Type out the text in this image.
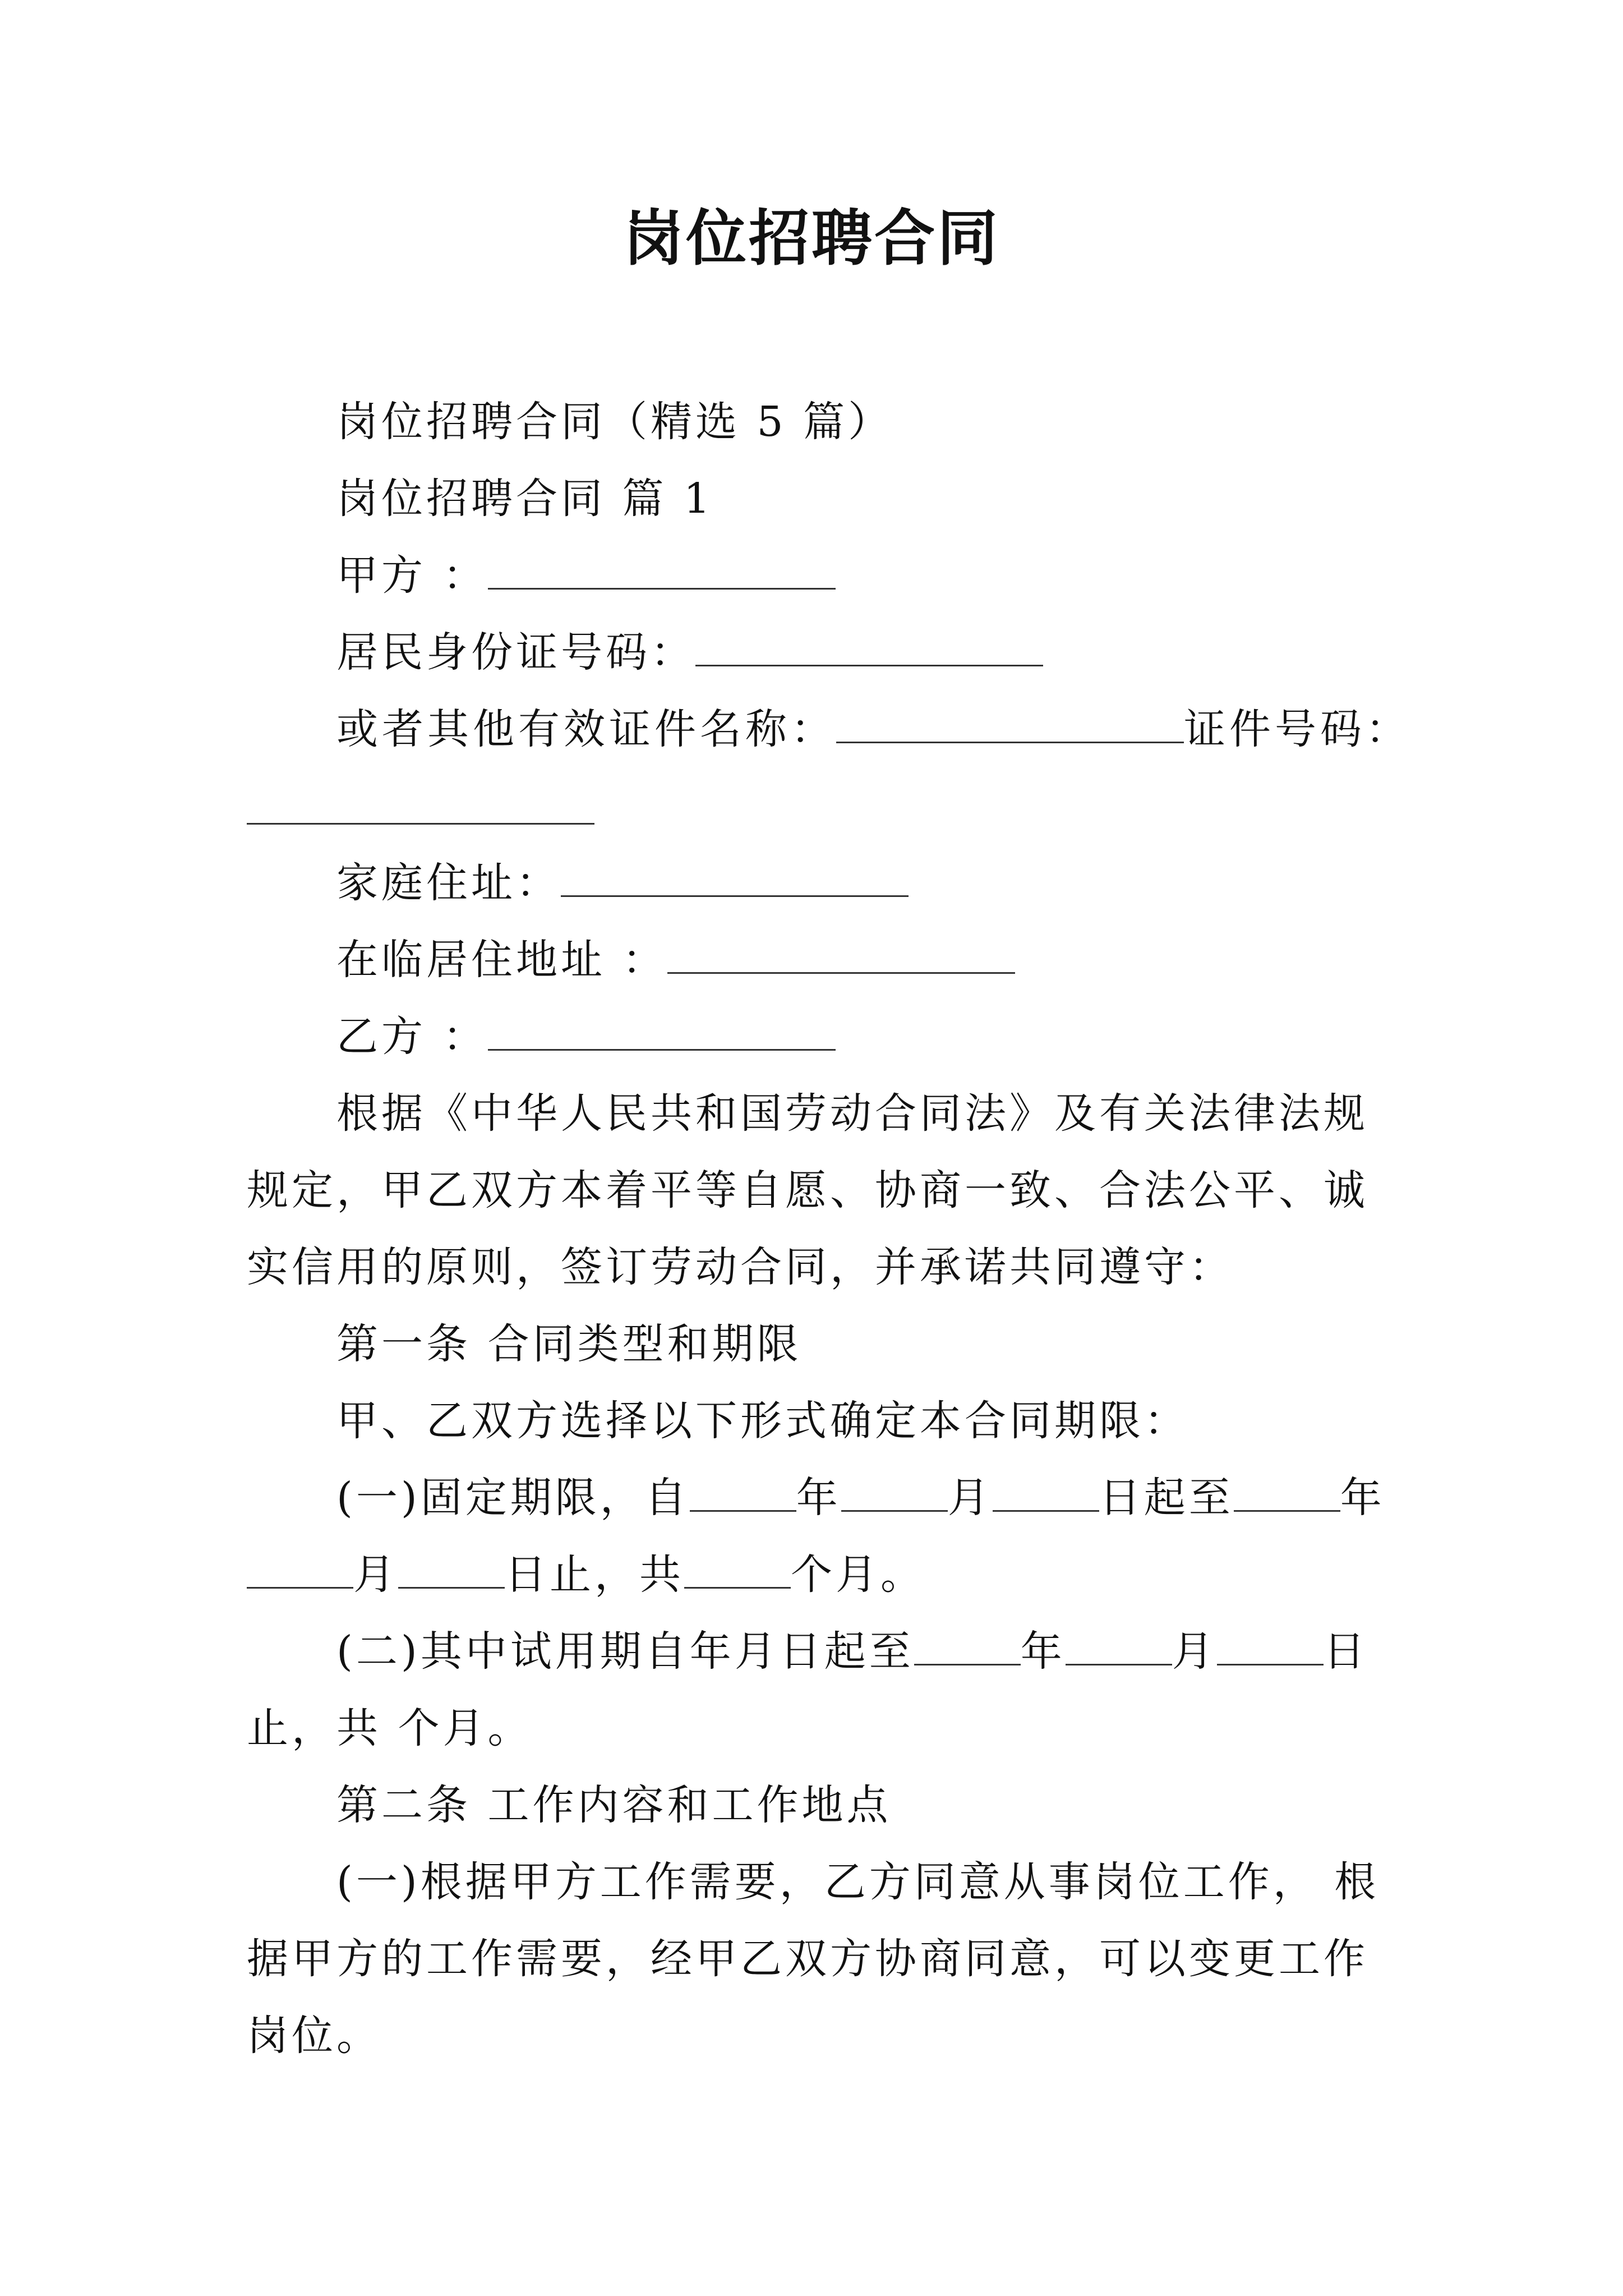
岗位招聘合同

岗位招聘合同（精选 5 篇）

岗位招聘合同 篇 1

甲方 ：

居民身份证号码：

或者其他有效证件名称：	证件号码：

家庭住址：

在临居住地址 ：

乙方 ：

根据《中华人民共和国劳动合同法》及有关法律法规规定，甲乙双方本着平等自愿、协商一致、合法公平、诚实信用的原则，签订劳动合同，并承诺共同遵守：

第一条 合同类型和期限

甲、乙双方选择以下形式确定本合同期限：

(一)固定期限，自	年	月	日起至	年
月	日止，共	个月。

(二)其中试用期自年月日起至	年	月	日
止，共 个月。

第二条 工作内容和工作地点

(一)根据甲方工作需要，乙方同意从事岗位工作， 根据甲方的工作需要，经甲乙双方协商同意，可以变更工作岗位。
